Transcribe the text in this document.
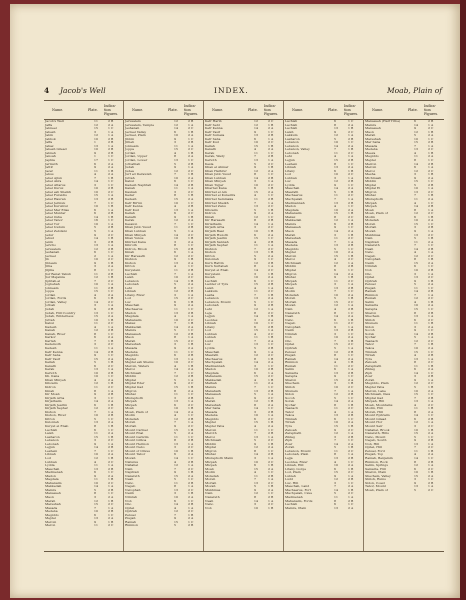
4 Jacob's Well	INDEX.	Moab, Plain of
Name.	Plate.
Indica-tion Figures.
Jacob's Well	11	2 B
Jaffa	12	2 A
Jabneel	15	1 C
Jabesh	3	1 A
Jabin	12	1 A
Jabbok	10	2 B
Jaffa	1	2 B
Jahaz	13	1 A
Jabesh Gilead	10	2 B
Jabneh	9	2 B
Janoah	1	1 C
Japhia	17	1 C
Jarmuth	6	2 A
Jattir	9	2 A
Jazer	11	1 B
Jebus	4	2 A
Jebel Ajlun	7	1 B
Jebel Akra	14	1 C
Jebel Attarus	3	1 C
Jebel Duruz	10	2 B
Jebel esh Sheikh	10	2 C
Jebel Fureidis	15	1 A
Jebel Hauran	13	2 B
Jebel Jermuk	7	1 C
Jebel Kuruntul	10	1 B
Jebel Mar Elias	6	1 A
Jebel Muntar	6	2 B
Jebel Osha	14	1 B
Jebel Tabor	16	1 C
Jebel Tur	10	1 A
Jebel Usdum	5	2 B
Jebel Zebdani	5	1 A
Jedur	9	2 C
Jehud	14	1 B
Jenin	3	2 B
Jericho	13	1 A
Jerusalem	12	2 B
Jeshanah	6	1 C
Jezreel	2	1 A
Jib	10	2 C
Jibleam	9	1 B
Jifna	3	2 A
Jiljilia	8	1 C
Jisr Benat Yakub	11	2 B
Jisr Mejamia	12	1 B
Jiphtah-el	7	2 C
Jogbehah	10	1 A
Jokneam	11	2 B
Joppa	15	1 C
Jordan	4	2 A
Jordan, Fords	6	1 B
Jordan, Valley	14	2 C
Jotbah	3	1 A
Judah	9	2 B
Judah, Hill Country	13	1 C
Judah, Wilderness	15	2 A
Juttah	10	1 B
Kabul	11	2 C
Kadesh	4	1 A
Kanah	12	2 B
Kanah, River	8	1 C
Karkor	6	2 A
Kartah	7	1 B
Kedemoth	3	2 C
Kedesh	11	1 A
Kefr Kenna	14	2 B
Kefr Saba	9	1 C
Kefr Yasif	15	2 A
Keilah	5	1 B
Kenath	6	2 C
Kerak	13	1 A
Kerioth	10	2 B
Kh. Kana	10	1 C
Khan Minyeh	4	2 A
Kibzaim	12	1 B
Kidron	11	2 C
Kinah	8	1 A
Kir Moab	9	2 B
Kirjath Arba	3	1 C
Kirjathaim	14	2 A
Kirjath Jearim	6	1 B
Kirjath Sepher	12	2 C
Kishon	7	1 A
Kishon, River	10	2 B
Kitron	5	1 C
Kulonieh	13	2 A
Kuryet el Enab	8	1 B
Lachish	6	1 C
Laish	11	2 A
Lasharon	15	1 B
Lebanon	3	2 C
Lebonah	9	1 A
Lejjun	14	2 B
Leshem	7	1 C
Libnah	10	2 A
Lod	12	1 B
Lubban	4	2 C
Lydda	11	1 A
Maachah	13	2 B
Madmenah	6	1 C
Madon	9	2 A
Magdala	11	1 B
Mahanaim	10	2 C
Makkedah	14	1 A
Mamre	5	2 B
Manasseh	8	1 C
Maon	3	2 A
Marah	12	1 B
Mareshah	15	2 C
Masada	7	1 A
Medeba	10	2 B
Megiddo	6	1 C
Mejdel	13	2 A
Merom	9	1 B
Meron	11	2 C
Name.	Plate.
Indica-tion Figures.
Jerusalem	12	2 B
Jerusalem, Temple	12	1 A
Jeshanah	14	2 C
Jezreel Valley	6	1 B
Jezreel, Plain	10	2 A
Jibbin	9	1 C
Jifneh	3	2 B
Jokneam	11	1 A
Joppa	15	2 C
Jordan	4	1 B
Jordan, Upper	8	2 A
Jordan, Lower	13	1 C
Jotbathah	5	2 B
Judah	9	1 A
Judea	12	2 C
Jurf ed Derawish	7	1 B
Juttah	10	2 A
Kabul	6	1 C
Kadesh Naphtali	14	2 B
Kanah	11	1 A
Kaukab	3	2 C
Kedar	8	1 B
Kedesh	15	2 A
Kefr Bir'im	10	1 C
Kefr Kenna	4	2 B
Kefr Kud	13	1 A
Keilah	6	2 C
Kenath	9	1 B
Kerak	12	2 A
Kesalon	7	1 C
Khan Jubb Yusuf	11	2 B
Khan Lubban	5	1 A
Khan Minyeh	14	2 C
Khan Yunus	10	1 B
Khirbet Kana	3	2 A
Kibroth	8	1 C
Kidron, Brook	15	2 B
Kinah	6	1 A
Kir Hareseth	12	2 C
Kishion	9	1 B
Kishon	13	2 A
Kitron	4	1 C
Kuryetein	11	2 B
Lachish	7	1 A
Laish	10	2 C
Lebanon	14	1 B
Lebonah	5	2 A
Lehi	8	1 C
Libnah	12	2 B
Litany, River	3	1 A
Lod	15	2 C
Luz	6	1 B
Maachah	9	2 A
Machaerus	11	1 C
Madon	13	2 B
Magdala	4	1 A
Mahanaim	10	2 C
Makaz	7	1 B
Makkedah	14	2 A
Mamre	5	1 C
Manasseh	12	2 B
Maon	8	1 A
Marah	15	2 C
Mareshah	3	1 B
Masada	9	2 A
Medeba	11	1 C
Megiddo	6	2 B
Mejdel	13	1 A
Mejdel esh Shems	10	2 C
Merom, Waters	4	1 B
Meroz	14	2 A
Michmash	7	1 C
Middin	12	2 B
Migdal	5	1 A
Migdal Eder	9	2 C
Migdal Gad	15	1 B
Migron	8	2 A
Mishal	11	1 C
Misrephoth	3	2 B
Mizpah	13	1 A
Mizpeh	6	2 C
Moab	10	1 B
Moab, Plain of	14	2 A
Modin	4	1 C
Moladah	12	2 B
Moreh	7	1 A
Moriah	9	2 C
Mount Carmel	15	1 B
Mount Ebal	5	2 A
Mount Gerizim	11	1 C
Mount Gilboa	8	2 B
Mount Hermon	13	1 A
Mount Nebo	3	2 C
Mount of Olives	10	1 B
Mount Tabor	6	2 A
Mozah	14	1 C
Nabulus	4	2 B
Nahaliel	12	1 A
Nain	7	2 C
Naphtali	9	1 B
Nazareth	15	2 A
Neah	5	1 C
Nebo	11	2 B
Negeb	8	1 A
Netophah	13	2 C
Nezib	3	1 B
Nimrah	10	2 A
Nob	6	1 C
Ono	14	2 B
Ophel	4	1 A
Ophrah	12	2 C
Penuel	7	1 B
Pisgah	9	2 A
Ramah	15	1 C
Rimmon	5	2 B
Name.	Plate.
Indica-tion Figures.
Kefr Harib	12	2 C
Kefr Sebt	12	1 B
Kefr Kenna	14	2 A
Kefr Yasif	9	1 C
Kefr Sumeia	13	2 B
Kefr Saba	6	1 A
Kefr Kud	10	2 C
Keilah	15	1 B
Kenath	4	2 A
Kerak	11	1 C
Kerak, Wady	7	2 B
Kerioth	13	1 A
Kesla	5	2 C
Khan el Ahmar	9	1 B
Khan Hathrur	12	2 A
Khan Jubb Yusuf	8	1 C
Khan Lubban	14	2 B
Khan Minyeh	3	1 A
Khan Tujjar	10	2 C
Kharbet Kana	6	1 B
Khirbet el Ain	15	2 A
Khirbet el Kuneitra	4	1 C
Khirbet Semmaka	11	2 B
Khirbet Sheikh	7	1 A
Khirbet Zanu	13	2 C
Kibzaim	5	1 B
Kidron	9	2 A
Kinah	12	1 C
Kir Haraseth	8	2 B
Kiriathaim	14	1 A
Kirjath Arba	3	2 C
Kirjath Baal	10	1 B
Kirjath Huzoth	6	2 A
Kirjath Jearim	15	1 C
Kirjath Sannah	4	2 B
Kirjath Sepher	11	1 A
Kishion	7	2 C
Kishon	13	1 B
Kitron	5	2 A
Kulonieh	9	1 C
Kurn Hattin	12	2 B
Kurn Surtabeh	8	1 A
Kuryet el Enab	14	2 C
Kuryetein	3	1 B
Kuzah	10	2 A
Lachish	6	1 C
Ladder of Tyre	15	2 B
Laish	4	1 A
Lakkum	11	2 C
Lasha	7	1 B
Lebanon	13	2 A
Lebanon, Mount	5	1 C
Lebonah	9	2 B
Lehi	12	1 A
Leja	8	2 C
Lejjun	14	1 B
Leontes	3	2 A
Libnah	10	1 C
Litany	6	2 B
Lod	15	1 A
Lubban	4	2 C
Lubieh	11	1 B
Ludd	7	2 A
Luz	13	1 C
Lydda	5	2 B
Maachah	9	1 A
Maarath	12	2 C
Machaerus	8	1 B
Machpelah	14	2 A
Madmannah	3	1 C
Madon	10	2 B
Magdala	6	1 A
Mahanaim	15	2 C
Makkedah	4	1 B
Malhah	11	2 A
Mamre	7	1 C
Manahath	13	2 B
Manasseh	5	1 A
Maon	9	2 C
Marah	12	1 B
Mareshah	8	2 A
Mar Saba	14	1 C
Masada	3	2 B
Medeba	10	1 A
Megiddo	6	2 C
Mejdel	15	1 B
Mejdel Yaba	4	2 A
Merom	11	1 C
Meroth	7	2 B
Meroz	13	1 A
Michmash	5	2 C
Middin	9	1 B
Migdal	12	2 A
Migron	8	1 C
Mishal	14	2 B
Misrephoth Maim	3	1 A
Mizpah	10	2 C
Mizpeh	6	1 B
Moab	15	2 A
Modin	4	1 C
Moladah	11	2 B
Moreh	7	1 A
Moriah	13	2 C
Mozah	5	1 B
Mukhmas	9	2 A
Nain	12	1 C
Nazareth	8	2 B
Neah	14	1 A
Nebo	3	2 C
Nob	10	1 B
Name.	Plate.
Indica-tion Figures.
Lachish	6	1 C
Lachish	8	2 A
Lachish	13	1 B
Laish	9	2 C
Lakkum	12	1 A
Lasharon	5	2 B
Lebanon	10	1 C
Lebanon	14	2 A
Lebanon, Valley	7	1 B
Lebonah	11	2 C
Lehi	4	1 A
Lejjun	15	2 B
Leshem	8	1 C
Libnah	13	2 A
Litany	6	1 B
Lod	10	2 C
Lubban	3	1 A
Luz	12	2 B
Lydda	9	1 C
Maachah	14	2 A
Maarath	5	1 B
Machaerus	11	2 C
Machpelah	7	1 A
Madmannah	13	2 B
Madon	4	1 C
Magdala	10	2 A
Mahanaim	15	1 B
Makaz	8	2 C
Makkedah	12	1 A
Mamre	6	2 B
Manasseh	9	1 C
Maon	14	2 A
Marah	3	1 B
Mareshah	11	2 C
Masada	7	1 A
Medeba	13	2 B
Megiddo	5	1 C
Mejdel	10	2 A
Merom	15	1 B
Meroz	4	2 C
Michmash	12	1 A
Middin	8	2 B
Migdal	6	1 C
Migron	14	2 A
Mishal	9	1 B
Mizpah	11	2 C
Mizpeh	3	1 A
Moab	13	2 B
Modin	7	1 C
Moladah	10	2 A
Moreh	5	1 B
Moriah	15	2 C
Mozah	12	1 A
Nain	4	2 B
Nazareth	8	1 C
Neah	14	2 A
Nebo	6	1 B
Negeb	11	2 C
Netophah	9	1 A
Nezib	13	2 B
Nimrah	3	1 C
Nob	10	2 A
Ono	7	1 B
Ophel	15	2 C
Ophrah	5	1 A
Penuel	12	2 B
Pisgah	8	1 C
Ramah	14	2 A
Rimmon	4	1 B
Rumah	11	2 C
Salim	6	1 A
Samaria	13	2 B
Sarepta	9	1 C
Sharon	15	2 A
Shechem	3	1 B
Shiloh	10	2 C
Shunem	7	1 A
Sidon	12	2 B
Socoh	5	1 C
Sorek	14	2 A
Sychar	8	1 B
Taanach	11	2 C
Tabor	4	1 A
Tekoa	13	2 B
Timnah	6	1 C
Tirzah	10	2 A
Tyre	15	1 B
Zanoah	9	2 C
Zarephath	12	1 A
Ziklag	3	2 B
Ziph	7	1 C
Zoar	14	2 A
Zorah	5	1 B
Lebanon, Mount	11	2 C
Lebonah, Plain	8	1 A
Lejja	13	2 B
Leontes, River	4	1 C
Libnah, Hill	10	2 A
Litany, Gorge	6	1 B
Lod, Plain	15	2 C
Lubieh	9	1 A
Ludd	12	2 B
Luz, Hill	3	1 C
Maachah, Land	7	2 A
Machaerus, Fort	14	1 B
Machpelah, Cave	5	2 C
Madmenah	11	1 A
Mahanaim, Fords	8	2 B
Lachish	6	1 C
Mamre, Plain	13	2 A
Name.	Plate.
Indica-tion Figures.
Manasseh (Half Tribe)	6	2 B
Mamre	14	1 A
Manasseh	9	2 C
Maon	12	1 B
Marah	5	2 A
Mareshah	10	1 C
Mar Saba	15	2 B
Masada	7	1 A
Medeba	13	2 C
Meeza	4	1 B
Megiddo	11	2 A
Mejdel	8	1 C
Meiron	14	2 B
Merom	6	1 A
Meroz	12	2 C
Mesha	3	1 B
Michmash	9	2 A
Middin	15	1 C
Migdal	5	2 B
Migdal El	10	1 A
Migron	13	2 C
Mishal	7	1 B
Misrephoth	11	2 A
Mizpah	4	1 C
Mizpeh	14	2 B
Moab	8	1 A
Moab, Plain of	12	2 C
Modin	6	1 B
Moladah	10	2 A
Moreh	15	1 C
Moriah	3	2 B
Mozah	9	1 A
Mukhmas	13	2 C
Nain	5	1 B
Naphtali	11	2 A
Nazareth	7	1 C
Neah	14	2 B
Nebo	4	1 A
Negeb	12	2 C
Netophah	8	1 B
Nezib	15	2 A
Nimrah	6	1 C
Nob	10	2 B
Ono	3	1 A
Ophel	13	2 C
Ophrah	9	1 B
Penuel	5	2 A
Pisgah	11	1 C
Ramah	14	2 B
Rimmon	7	1 A
Rumah	12	2 C
Salim	4	1 B
Samaria	10	2 A
Sarepta	15	1 C
Sharon	8	2 B
Shechem	13	1 A
Shiloh	6	2 C
Shunem	11	1 B
Sidon	3	2 A
Socoh	9	1 C
Sorek	14	2 B
Sychar	5	1 A
Taanach	12	2 C
Tabor	7	1 B
Tekoa	10	2 A
Timnah	15	1 C
Tirzah	4	2 B
Tyre	13	1 A
Zanoah	8	2 C
Zarephath	11	1 B
Ziklag	6	2 A
Ziph	14	1 C
Zoar	3	2 B
Zorah	9	1 A
Megiddo, Plain	12	2 C
Mejdel Yaba	5	1 B
Merom, Lake	10	2 A
Michmash, Pass	15	1 C
Migdal Gad	7	2 B
Mizpah, Hill	13	1 A
Moab, Mountains	4	2 C
Modin, Hill	11	1 B
Moreh, Hill	8	2 A
Mount Ephraim	14	1 C
Mount Gilead	6	2 B
Mount Hor	12	1 A
Mount Seir	3	2 C
Nahaliel, Brook	10	1 B
Nazareth, Hills	15	2 A
Nebo, Mount	5	1 C
Negeb, South	9	2 B
Nob, Hill	13	1 A
Ophel, Hill	7	2 C
Penuel, Ford	11	1 B
Pisgah, Top	4	2 A
Ramah, Benjamin	14	1 C
Rimmon, Rock	8	2 B
Salim, Springs	12	1 A
Samaria, Hill	6	2 C
Sharon, Plain	10	1 B
Shechem, Valley	15	2 A
Shiloh, Ruins	3	1 C
Sidon, Coast	9	2 B
Tabor, Mount	13	1 A
Moab, Plain of	5	2 C
